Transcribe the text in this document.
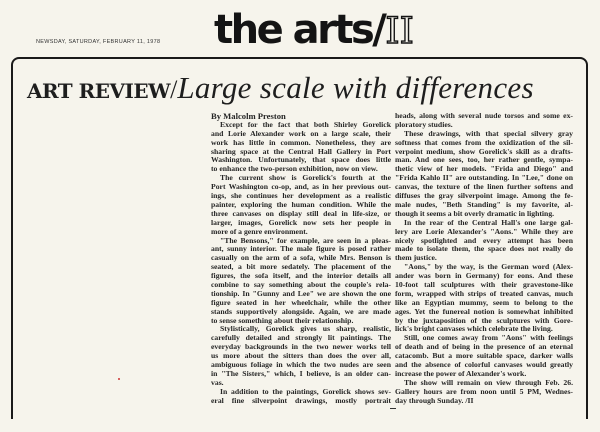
NEWSDAY, SATURDAY, FEBRUARY 11, 1978 the arts/II
ART REVIEW/Large scale with differences
By Malcolm Preston
Except for the fact that both Shirley Gorelick
and Lorie Alexander work on a large scale, their
work has little in common. Nonetheless, they are
sharing space at the Central Hall Gallery in Port
Washington. Unfortunately, that space does little
to enhance the two-person exhibition, now on view.
The current show is Gorelick's fourth at the
Port Washington co-op, and, as in her previous out-
ings, she continues her development as a realistic
painter, exploring the human condition. While the
three canvases on display still deal in life-size, or
larger, images, Gorelick now sets her people in
more of a genre environment.
"The Bensons," for example, are seen in a pleas-
ant, sunny interior. The male figure is posed rather
casually on the arm of a sofa, while Mrs. Benson is
seated, a bit more sedately. The placement of the
figures, the sofa itself, and the interior details all
combine to say something about the couple's rela-
tionship. In "Gunny and Lee" we are shown the one
figure seated in her wheelchair, while the other
stands supportively alongside. Again, we are made
to sense something about their relationship.
Stylistically, Gorelick gives us sharp, realistic,
carefully detailed and strongly lit paintings. The
everyday backgrounds in the two newer works tell
us more about the sitters than does the over all,
ambiguous foliage in which the two nudes are seen
in "The Sisters," which, I believe, is an older can-
vas.
In addition to the paintings, Gorelick shows sev-
eral fine silverpoint drawings, mostly portrait
heads, along with several nude torsos and some ex-
ploratory studies.
These drawings, with that special silvery gray
softness that comes from the oxidization of the sil-
verpoint medium, show Gorelick's skill as a drafts-
man. And one sees, too, her rather gentle, sympa-
thetic view of her models. "Frida and Diego" and
"Frida Kahlo II" are outstanding. In "Lee," done on
canvas, the texture of the linen further softens and
diffuses the gray silverpoint image. Among the fe-
male nudes, "Beth Standing" is my favorite, al-
though it seems a bit overly dramatic in lighting.
In the rear of the Central Hall's one large gal-
lery are Lorie Alexander's "Aons." While they are
nicely spotlighted and every attempt has been
made to isolate them, the space does not really do
them justice.
"Aons," by the way, is the German word (Alex-
ander was born in Germany) for eons. And these
10-foot tall sculptures with their gravestone-like
form, wrapped with strips of treated canvas, much
like an Egyptian mummy, seem to belong to the
ages. Yet the funereal notion is somewhat inhibited
by the juxtaposition of the sculptures with Gore-
lick's bright canvases which celebrate the living.
Still, one comes away from "Aons" with feelings
of death and of being in the presence of an eternal
catacomb. But a more suitable space, darker walls
and the absence of colorful canvases would greatly
increase the power of Alexander's work.
The show will remain on view through Feb. 26.
Gallery hours are from noon until 5 PM, Wednes-
day through Sunday. /II
